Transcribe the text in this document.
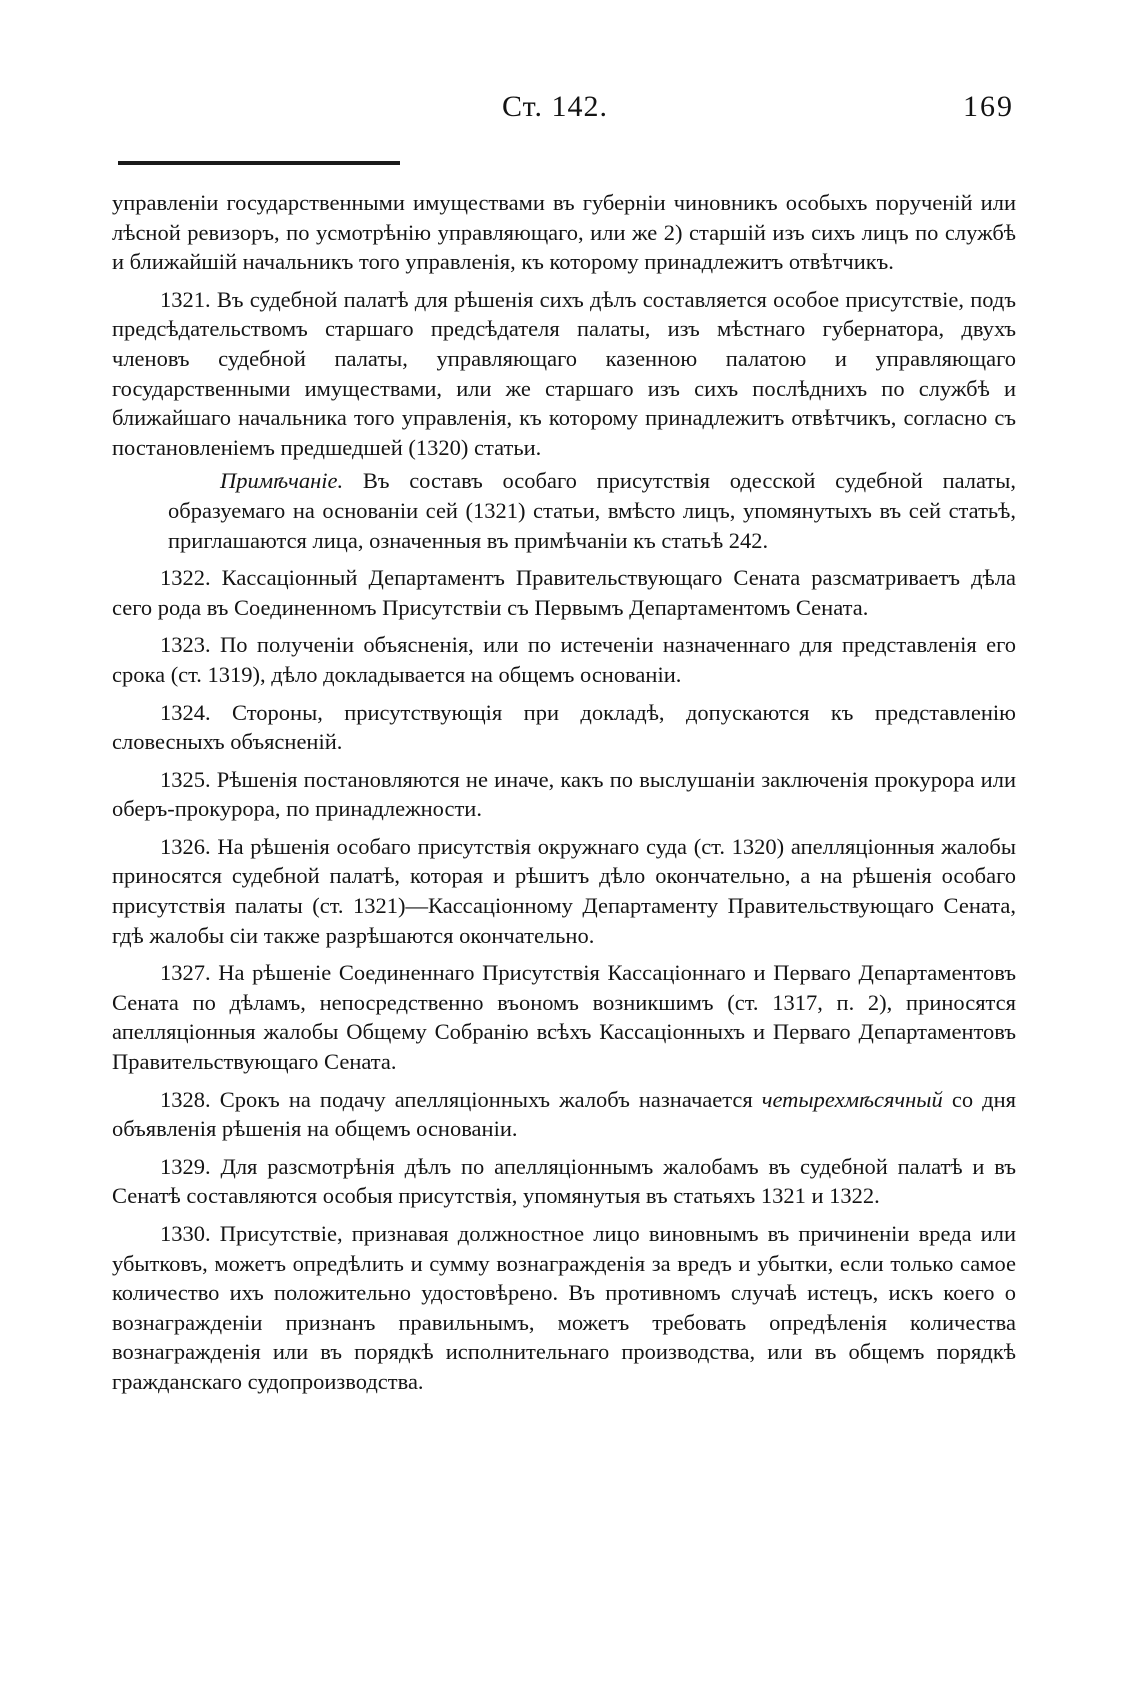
Ст. 142.	169

управленіи государственными имуществами въ губерніи чиновникъ особыхъ порученій или лѣсной ревизоръ, по усмотрѣнію управляющаго, или же 2) старшій изъ сихъ лицъ по службѣ и ближайшій начальникъ того управленія, къ которому принадлежитъ отвѣтчикъ.

1321. Въ судебной палатѣ для рѣшенія сихъ дѣлъ составляется особое присутствіе, подъ предсѣдательствомъ старшаго предсѣдателя палаты, изъ мѣстнаго губернатора, двухъ членовъ судебной палаты, управляющаго казенною палатою и управляющаго государственными имуществами, или же старшаго изъ сихъ послѣднихъ по службѣ и ближайшаго начальника того управленія, къ которому принадлежитъ отвѣтчикъ, согласно съ постановленіемъ предшедшей (1320) статьи.

Примѣчаніе. Въ составъ особаго присутствія одесской судебной палаты, образуемаго на основаніи сей (1321) статьи, вмѣсто лицъ, упомянутыхъ въ сей статьѣ, приглашаются лица, означенныя въ примѣчаніи къ статьѣ 242.

1322. Кассаціонный Департаментъ Правительствующаго Сената разсматриваетъ дѣла сего рода въ Соединенномъ Присутствіи съ Первымъ Департаментомъ Сената.

1323. По полученіи объясненія, или по истеченіи назначеннаго для представленія его срока (ст. 1319), дѣло докладывается на общемъ основаніи.

1324. Стороны, присутствующія при докладѣ, допускаются къ представленію словесныхъ объясненій.

1325. Рѣшенія постановляются не иначе, какъ по выслушаніи заключенія прокурора или оберъ-прокурора, по принадлежности.

1326. На рѣшенія особаго присутствія окружнаго суда (ст. 1320) апелляціонныя жалобы приносятся судебной палатѣ, которая и рѣшитъ дѣло окончательно, а на рѣшенія особаго присутствія палаты (ст. 1321)—Кассаціонному Департаменту Правительствующаго Сената, гдѣ жалобы сіи также разрѣшаются окончательно.

1327. На рѣшеніе Соединеннаго Присутствія Кассаціоннаго и Перваго Департаментовъ Сената по дѣламъ, непосредственно въономъ возникшимъ (ст. 1317, п. 2), приносятся апелляціонныя жалобы Общему Собранію всѣхъ Кассаціонныхъ и Перваго Департаментовъ Правительствующаго Сената.

1328. Срокъ на подачу апелляціонныхъ жалобъ назначается четырехмѣсячный со дня объявленія рѣшенія на общемъ основаніи.

1329. Для разсмотрѣнія дѣлъ по апелляціоннымъ жалобамъ въ судебной палатѣ и въ Сенатѣ составляются особыя присутствія, упомянутыя въ статьяхъ 1321 и 1322.

1330. Присутствіе, признавая должностное лицо виновнымъ въ причиненіи вреда или убытковъ, можетъ опредѣлить и сумму вознагражденія за вредъ и убытки, если только самое количество ихъ положительно удостовѣрено. Въ противномъ случаѣ истецъ, искъ коего о вознагражденіи признанъ правильнымъ, можетъ требовать опредѣленія количества вознагражденія или въ порядкѣ исполнительнаго производства, или въ общемъ порядкѣ гражданскаго судопроизводства.
